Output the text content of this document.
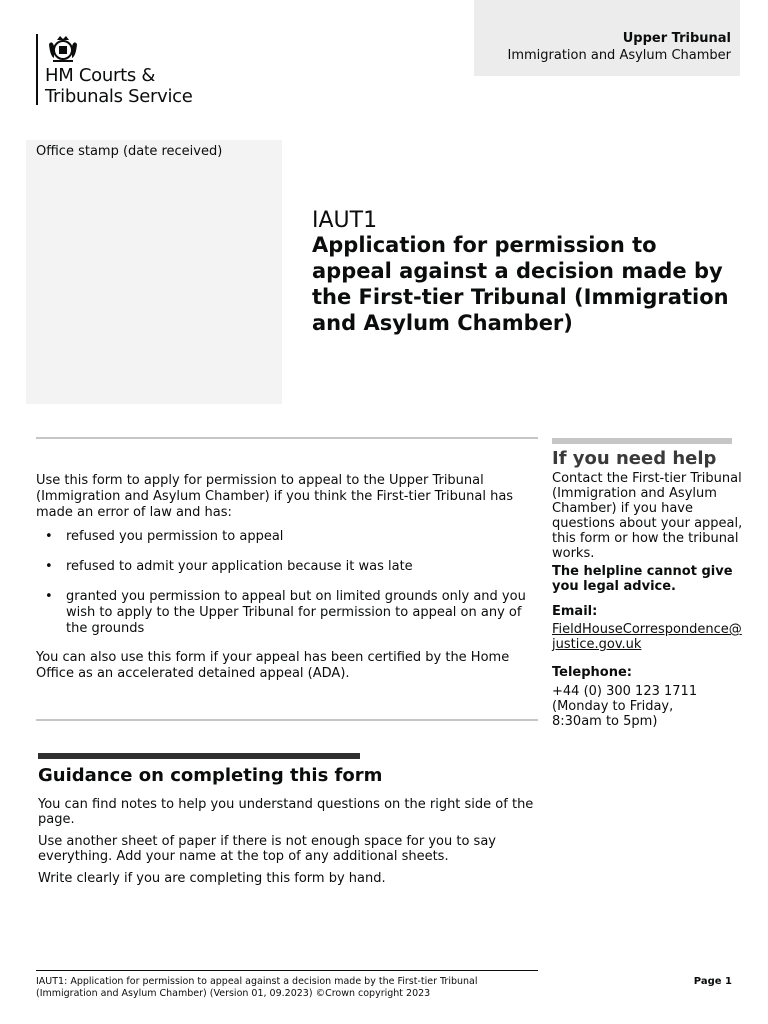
HM Courts &
Tribunals Service
Upper Tribunal
Immigration and Asylum Chamber
Office stamp (date received)
IAUT1
Application for permission to appeal against a decision made by the First-tier Tribunal (Immigration and Asylum Chamber)

Use this form to apply for permission to appeal to the Upper Tribunal (Immigration and Asylum Chamber) if you think the First-tier Tribunal has made an error of law and has:

• refused you permission to appeal
• refused to admit your application because it was late
• granted you permission to appeal but on limited grounds only and you wish to apply to the Upper Tribunal for permission to appeal on any of the grounds

You can also use this form if your appeal has been certified by the Home Office as an accelerated detained appeal (ADA).

If you need help

Contact the First-tier Tribunal (Immigration and Asylum Chamber) if you have questions about your appeal, this form or how the tribunal works.

The helpline cannot give you legal advice.

Email:

FieldHouseCorrespondence@ justice.gov.uk

Telephone:

+44 (0) 300 123 1711

(Monday to Friday, 8:30am to 5pm)

Guidance on completing this form

You can find notes to help you understand questions on the right side of the page.

Use another sheet of paper if there is not enough space for you to say everything. Add your name at the top of any additional sheets.

Write clearly if you are completing this form by hand.

IAUT1: Application for permission to appeal against a decision made by the First-tier Tribunal (Immigration and Asylum Chamber) (Version 01, 09.2023) ©Crown copyright 2023
Page 1
